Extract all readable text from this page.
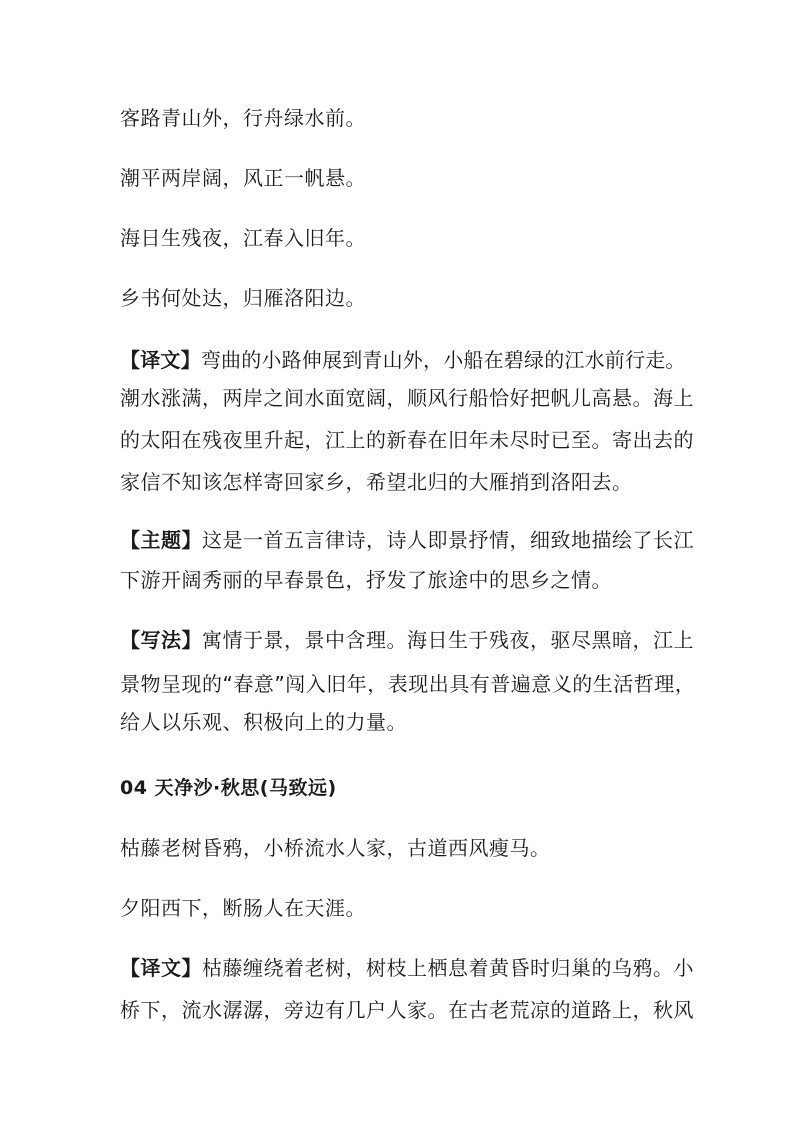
客路青山外，行舟绿水前。
潮平两岸阔，风正一帆悬。
海日生残夜，江春入旧年。
乡书何处达，归雁洛阳边。
【译文】弯曲的小路伸展到青山外，小船在碧绿的江水前行走。
潮水涨满，两岸之间水面宽阔，顺风行船恰好把帆儿高悬。海上
的太阳在残夜里升起，江上的新春在旧年未尽时已至。寄出去的
家信不知该怎样寄回家乡，希望北归的大雁捎到洛阳去。
【主题】这是一首五言律诗，诗人即景抒情，细致地描绘了长江
下游开阔秀丽的早春景色，抒发了旅途中的思乡之情。
【写法】寓情于景，景中含理。海日生于残夜，驱尽黑暗，江上
景物呈现的“春意”闯入旧年，表现出具有普遍意义的生活哲理，
给人以乐观、积极向上的力量。
04 天净沙·秋思(马致远)
枯藤老树昏鸦，小桥流水人家，古道西风瘦马。
夕阳西下，断肠人在天涯。
【译文】枯藤缠绕着老树，树枝上栖息着黄昏时归巢的乌鸦。小
桥下，流水潺潺，旁边有几户人家。在古老荒凉的道路上，秋风
